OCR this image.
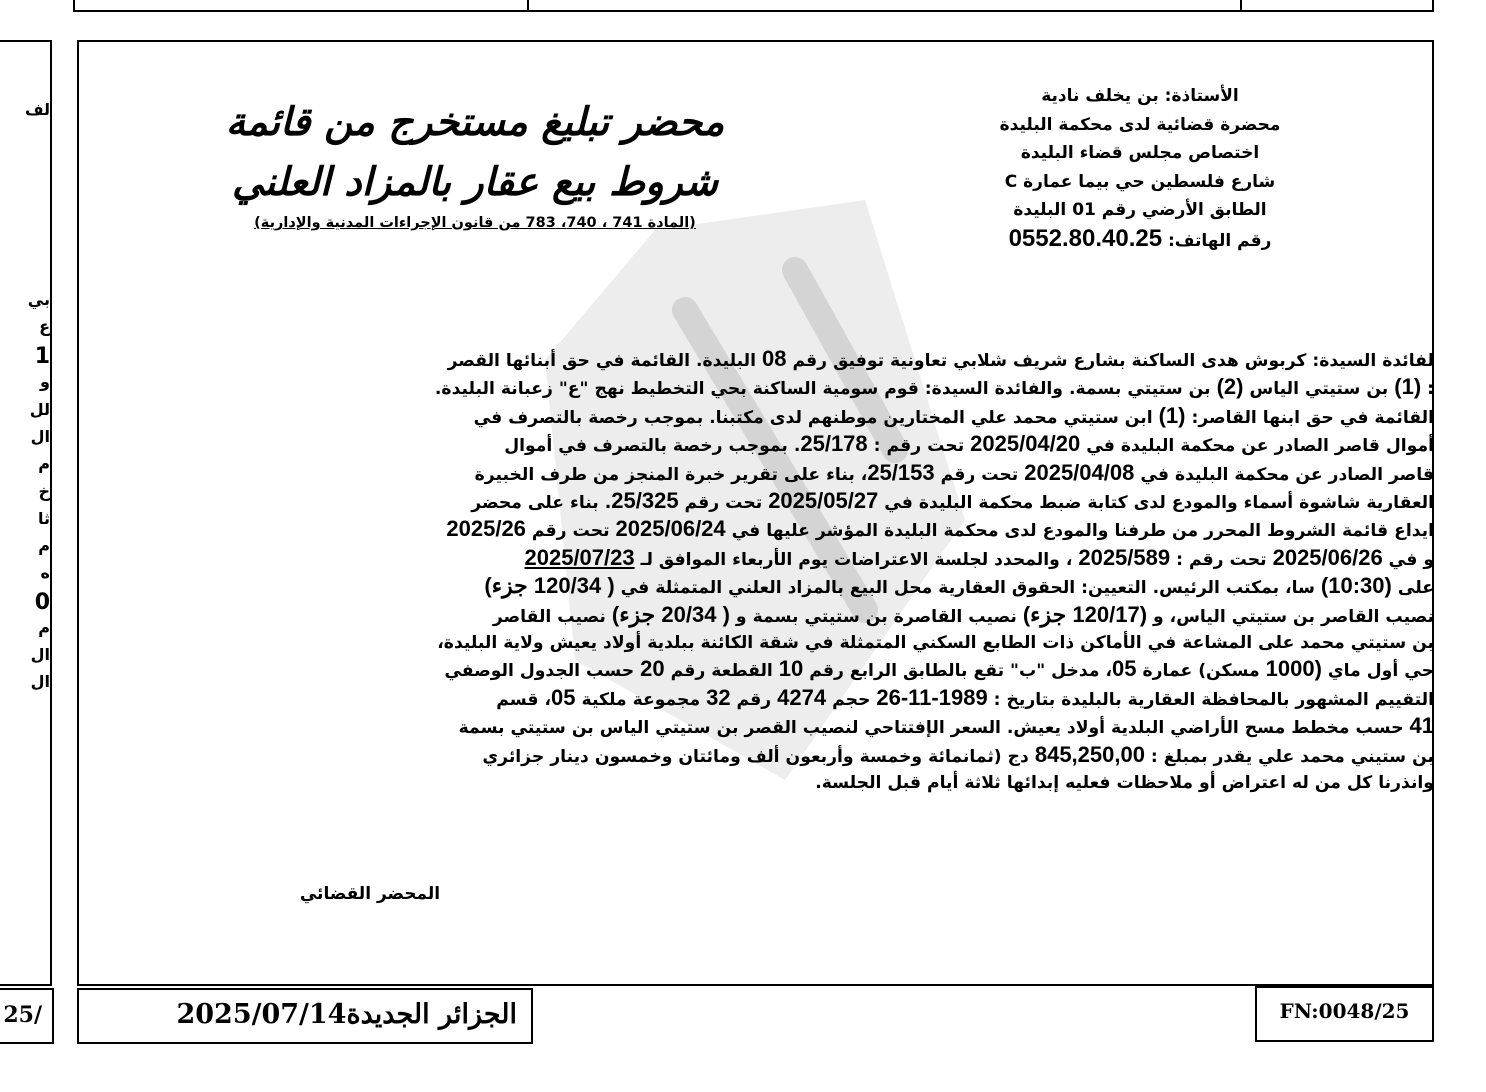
لف
بي
ع
1
و
لل
ال
م
خ
ثا
م
ه
0
م
ال
ال
25/
الأستاذة: بن يخلف نادية
محضرة قضائية لدى محكمة البليدة
اختصاص مجلس قضاء البليدة
شارع فلسطين حي بيما عمارة C
الطابق الأرضي رقم 01 البليدة
رقم الهاتف: 0552.80.40.25
محضر تبليغ مستخرج من قائمة
شروط بيع عقار بالمزاد العلني
(المادة 741 ، 740، 783 من قانون الإجراءات المدنية والإدارية)
لفائدة السيدة: كربوش هدى الساكنة بشارع شريف شلابي تعاونية توفيق رقم 08 البليدة. القائمة في حق أبنائها القصر
: (1) بن ستيتي الياس (2) بن ستيتي بسمة. والفائدة السيدة: قوم سومية الساكنة بحي التخطيط نهج "ع" زعبانة البليدة.
القائمة في حق ابنها القاصر: (1) ابن ستيتي محمد علي المختارين موطنهم لدى مكتبنا. بموجب رخصة بالتصرف في
أموال قاصر الصادر عن محكمة البليدة في 2025/04/20 تحت رقم : 25/178. بموجب رخصة بالتصرف في أموال
قاصر الصادر عن محكمة البليدة في 2025/04/08 تحت رقم 25/153، بناء على تقرير خبرة المنجز من طرف الخبيرة
العقارية شاشوة أسماء والمودع لدى كتابة ضبط محكمة البليدة في 2025/05/27 تحت رقم 25/325. بناء على محضر
ايداع قائمة الشروط المحرر من طرفنا والمودع لدى محكمة البليدة المؤشر عليها في 2025/06/24 تحت رقم 2025/26
و في 2025/06/26 تحت رقم : 2025/589 ، والمحدد لجلسة الاعتراضات يوم الأربعاء الموافق لـ 2025/07/23
على (10:30) سا، بمكتب الرئيس. التعيين: الحقوق العقارية محل البيع بالمزاد العلني المتمثلة في ( 120/34 جزء)
نصيب القاصر بن ستيتي الياس، و (120/17 جزء) نصيب القاصرة بن ستيتي بسمة و ( 20/34 جزء) نصيب القاصر
بن ستيتي محمد على المشاعة في الأماكن ذات الطابع السكني المتمثلة في شقة الكائنة ببلدية أولاد يعيش ولاية البليدة،
حي أول ماي (1000 مسكن) عمارة 05، مدخل "ب" تقع بالطابق الرابع رقم 10 القطعة رقم 20 حسب الجدول الوصفي
التقييم المشهور بالمحافظة العقارية بالبليدة بتاريخ : 26-11-1989 حجم 4274 رقم 32 مجموعة ملكية 05، قسم
41 حسب مخطط مسح الأراضي البلدية أولاد يعيش. السعر الإفتتاحي لنصيب القصر بن ستيتي الياس بن ستيتي بسمة
بن ستيني محمد علي يقدر بمبلغ : 845,250,00 دج (ثمانمائة وخمسة وأربعون ألف ومائتان وخمسون دينار جزائري
وانذرنا كل من له اعتراض أو ملاحظات فعليه إبدائها ثلاثة أيام قبل الجلسة.
المحضر القضائي
الجزائر الجديدة2025/07/14	FN:0048/25
